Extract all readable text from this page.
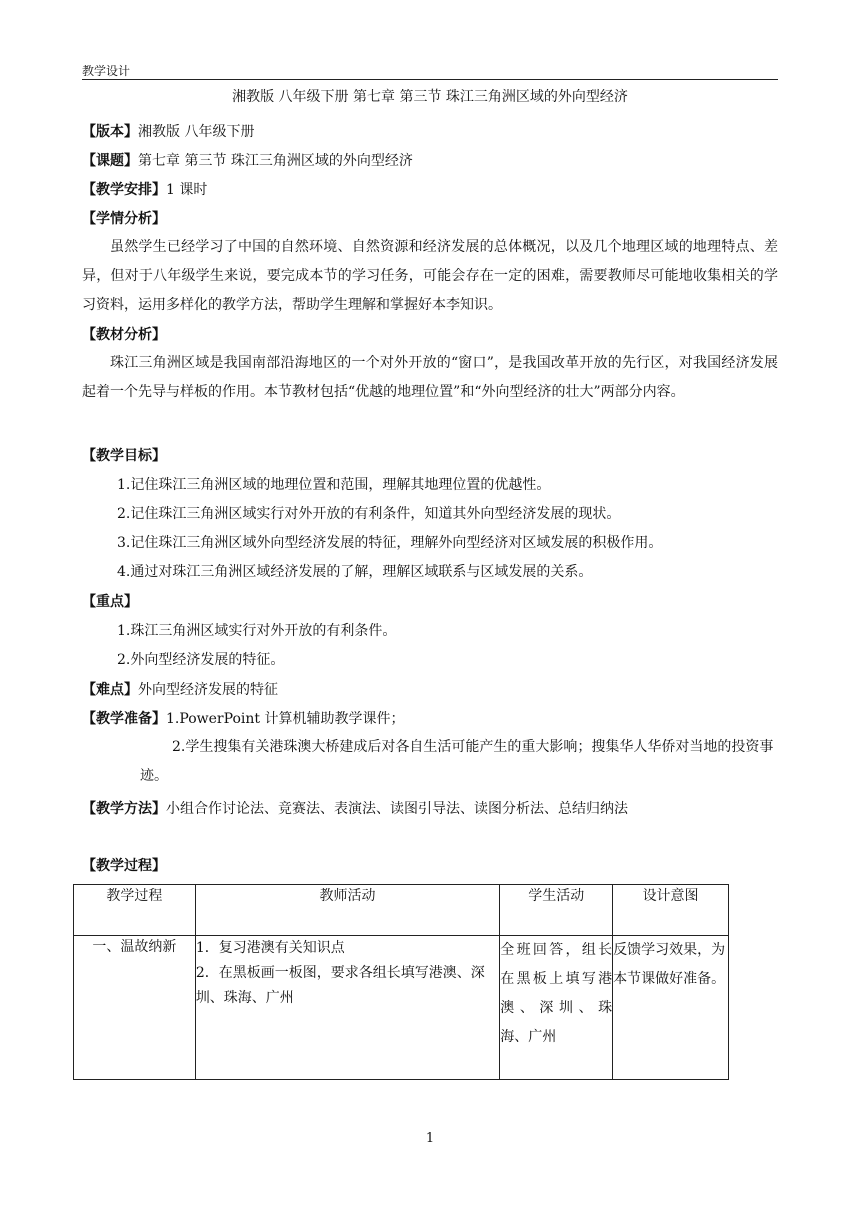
教学设计
湘教版 八年级下册 第七章 第三节 珠江三角洲区域的外向型经济
【版本】湘教版 八年级下册
【课题】第七章 第三节 珠江三角洲区域的外向型经济
【教学安排】1 课时
【学情分析】
虽然学生已经学习了中国的自然环境、自然资源和经济发展的总体概况，以及几个地理区域的地理特点、差异，但对于八年级学生来说，要完成本节的学习任务，可能会存在一定的困难，需要教师尽可能地收集相关的学习资料，运用多样化的教学方法，帮助学生理解和掌握好本李知识。
【教材分析】
珠江三角洲区域是我国南部沿海地区的一个对外开放的“窗口”，是我国改革开放的先行区，对我国经济发展起着一个先导与样板的作用。本节教材包括“优越的地理位置”和“外向型经济的壮大”两部分内容。
【教学目标】
1.记住珠江三角洲区域的地理位置和范围，理解其地理位置的优越性。
2.记住珠江三角洲区域实行对外开放的有利条件，知道其外向型经济发展的现状。
3.记住珠江三角洲区域外向型经济发展的特征，理解外向型经济对区域发展的积极作用。
4.通过对珠江三角洲区域经济发展的了解，理解区域联系与区域发展的关系。
【重点】
1.珠江三角洲区域实行对外开放的有利条件。
2.外向型经济发展的特征。
【难点】外向型经济发展的特征
【教学准备】1.PowerPoint 计算机辅助教学课件；
2.学生搜集有关港珠澳大桥建成后对各自生活可能产生的重大影响；搜集华人华侨对当地的投资事迹。
【教学方法】小组合作讨论法、竞赛法、表演法、读图引导法、读图分析法、总结归纳法
【教学过程】
教学过程	教师活动	学生活动	设计意图
一、温故纳新	1．复习港澳有关知识点
2．在黑板画一板图，要求各组长填写港澳、深圳、珠海、广州	全班回答，组长在黑板上填写港澳、深圳、珠海、广州	反馈学习效果，为本节课做好准备。
1
